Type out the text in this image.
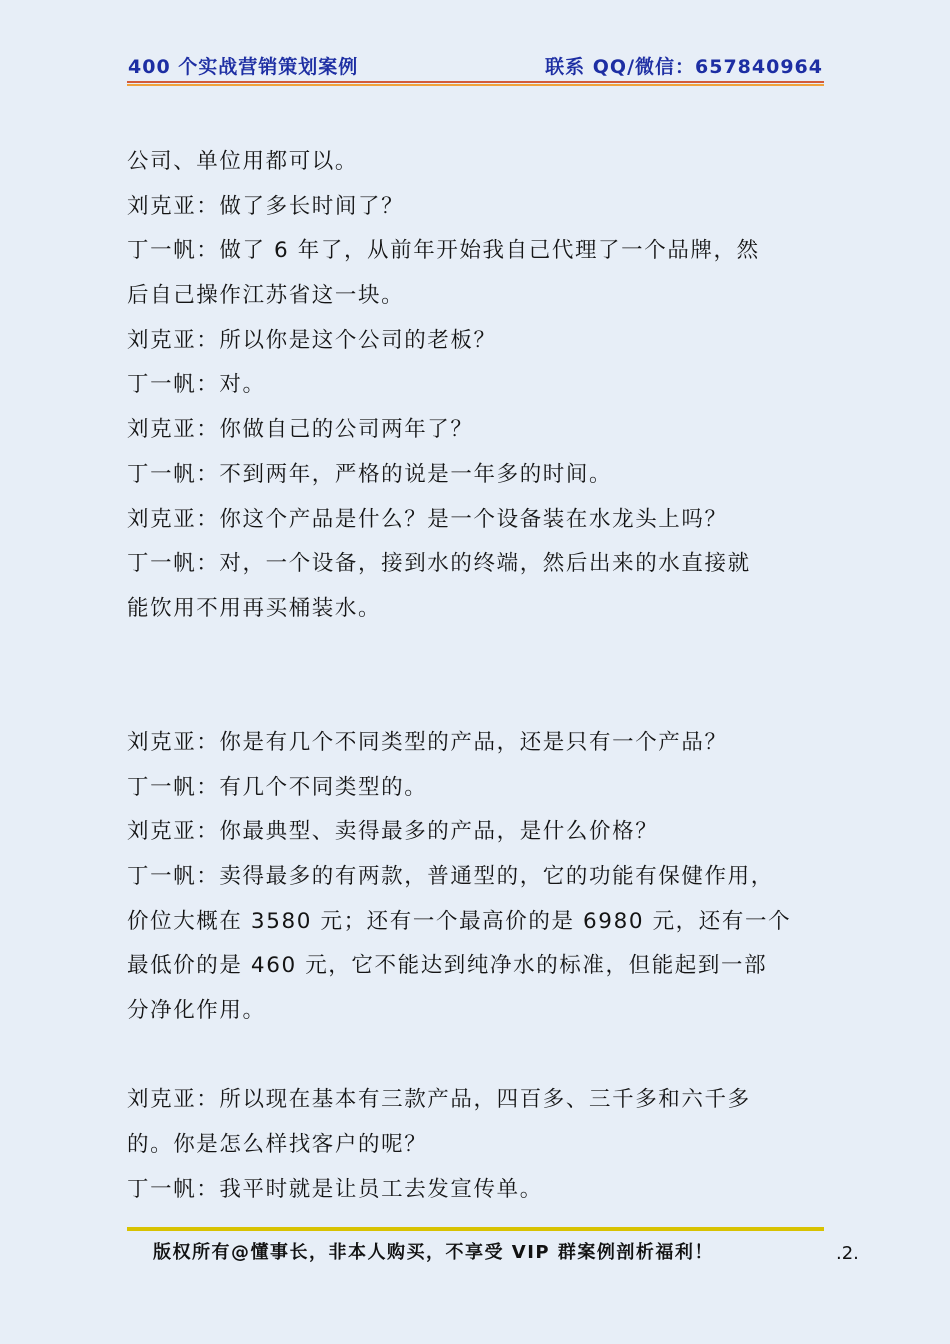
400 个实战营销策划案例	联系 QQ/微信：657840964
公司、单位用都可以。
刘克亚：做了多长时间了？
丁一帆：做了 6 年了，从前年开始我自己代理了一个品牌，然
后自己操作江苏省这一块。
刘克亚：所以你是这个公司的老板？
丁一帆：对。
刘克亚：你做自己的公司两年了？
丁一帆：不到两年，严格的说是一年多的时间。
刘克亚：你这个产品是什么？是一个设备装在水龙头上吗？
丁一帆：对，一个设备，接到水的终端，然后出来的水直接就
能饮用不用再买桶装水。
刘克亚：你是有几个不同类型的产品，还是只有一个产品？
丁一帆：有几个不同类型的。
刘克亚：你最典型、卖得最多的产品，是什么价格？
丁一帆：卖得最多的有两款，普通型的，它的功能有保健作用，
价位大概在 3580 元；还有一个最高价的是 6980 元，还有一个
最低价的是 460 元，它不能达到纯净水的标准，但能起到一部
分净化作用。
刘克亚：所以现在基本有三款产品，四百多、三千多和六千多
的。你是怎么样找客户的呢？
丁一帆：我平时就是让员工去发宣传单。
版权所有@懂事长，非本人购买，不享受 VIP 群案例剖析福利！	.2.
